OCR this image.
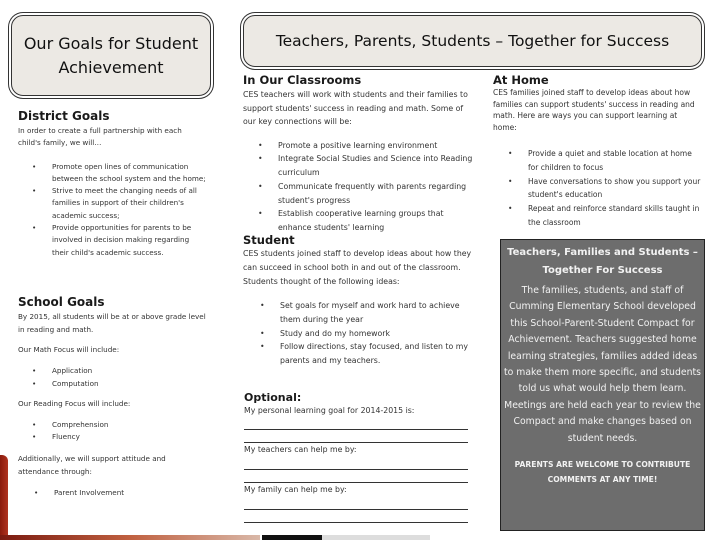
Our Goals for Student Achievement
District Goals

In order to create a full partnership with each child's family, we will…

• Promote open lines of communication between the school system and the home;
• Strive to meet the changing needs of all families in support of their children's academic success;
• Provide opportunities for parents to be involved in decision making regarding their child's academic success.
School Goals

By 2015, all students will be at or above grade level in reading and math.

Our Math Focus will include:

• Application
• Computation

Our Reading Focus will include:

• Comprehension
• Fluency

Additionally, we will support attitude and attendance through:

• Parent Involvement
Teachers, Parents, Students – Together for Success
In Our Classrooms

CES teachers will work with students and their families to support students' success in reading and math. Some of our key connections will be:

• Promote a positive learning environment
• Integrate Social Studies and Science into Reading curriculum
• Communicate frequently with parents regarding student's progress
• Establish cooperative learning groups that enhance students' learning
Student

CES students joined staff to develop ideas about how they can succeed in school both in and out of the classroom. Students thought of the following ideas:

• Set goals for myself and work hard to achieve them during the year
• Study and do my homework
• Follow directions, stay focused, and listen to my parents and my teachers.
Optional:

My personal learning goal for 2014-2015 is:

My teachers can help me by:

My family can help me by:

At Home

CES families joined staff to develop ideas about how families can support students' success in reading and math. Here are ways you can support learning at home:

• Provide a quiet and stable location at home for children to focus
• Have conversations to show you support your student's education
• Repeat and reinforce standard skills taught in the classroom
Teachers, Families and Students – Together For Success
The families, students, and staff of Cumming Elementary School developed this School-Parent-Student Compact for Achievement. Teachers suggested home learning strategies, families added ideas to make them more specific, and students told us what would help them learn. Meetings are held each year to review the Compact and make changes based on student needs.
PARENTS ARE WELCOME TO CONTRIBUTE COMMENTS AT ANY TIME!
